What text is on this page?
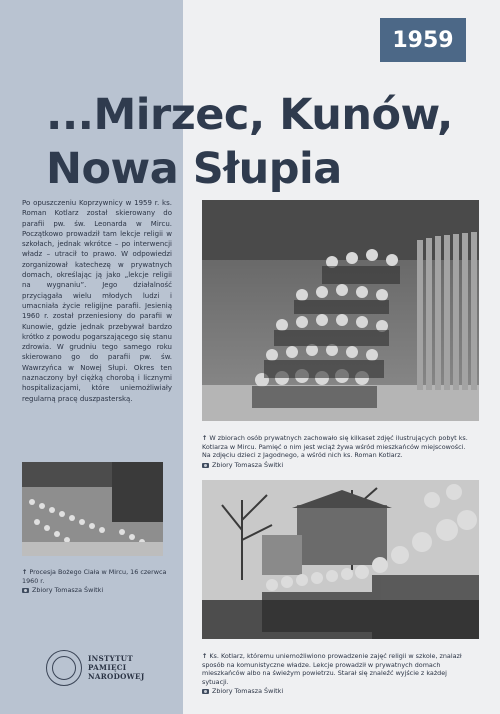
1959
...Mirzec, Kunów,
Nowa Słupia
Po opuszczeniu Koprzywnicy w 1959 r. ks. Roman Kotlarz został skierowany do parafii pw. św. Leonarda w Mircu. Początkowo prowadził tam lekcje religii w szkołach, jednak wkrótce – po interwencji władz – utracił to prawo. W odpowiedzi zorganizował katechezę w prywatnych domach, określając ją jako „lekcje religii na wygnaniu”. Jego działalność przyciągała wielu młodych ludzi i umacniała życie religijne parafii. Jesienią 1960 r. został przeniesiony do parafii w Kunowie, gdzie jednak przebywał bardzo krótko z powodu pogarszającego się stanu zdrowia. W grudniu tego samego roku skierowano go do parafii pw. św. Wawrzyńca w Nowej Słupi. Okres ten naznaczony był ciężką chorobą i licznymi hospitalizacjami, które uniemożliwiały regularną pracę duszpasterską.
↑ W zbiorach osób prywatnych zachowało się kilkaset zdjęć ilustrujących pobyt ks. Kotlarza w Mircu. Pamięć o nim jest wciąż żywa wśród mieszkańców miejscowości. Na zdjęciu dzieci z Jagodnego, a wśród nich ks. Roman Kotlarz.
Zbiory Tomasza Świtki
↑ Procesja Bożego Ciała w Mircu, 16 czerwca 1960 r.
Zbiory Tomasza Świtki
↑ Ks. Kotlarz, któremu uniemożliwiono prowadzenie zajęć religii w szkole, znalazł sposób na komunistyczne władze. Lekcje prowadził w prywatnych domach mieszkańców albo na świeżym powietrzu. Starał się znaleźć wyjście z każdej sytuacji.
Zbiory Tomasza Świtki
INSTYTUT
PAMIĘCI
NARODOWEJ
